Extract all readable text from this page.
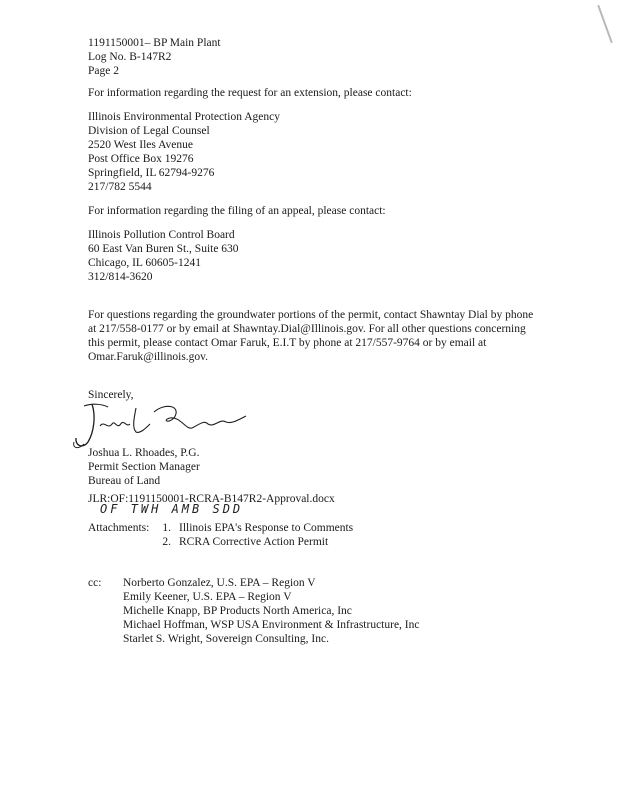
1191150001– BP Main Plant
Log No. B-147R2
Page 2
For information regarding the request for an extension, please contact:
Illinois Environmental Protection Agency
Division of Legal Counsel
2520 West Iles Avenue
Post Office Box 19276
Springfield, IL 62794-9276
217/782 5544
For information regarding the filing of an appeal, please contact:
Illinois Pollution Control Board
60 East Van Buren St., Suite 630
Chicago, IL 60605-1241
312/814-3620
For questions regarding the groundwater portions of the permit, contact Shawntay Dial by phone
at 217/558-0177 or by email at Shawntay.Dial@Illinois.gov. For all other questions concerning
this permit, please contact Omar Faruk, E.I.T by phone at 217/557-9764 or by email at
Omar.Faruk@illinois.gov.
Sincerely,
Joshua L. Rhoades, P.G.
Permit Section Manager
Bureau of Land
JLR:OF:1191150001-RCRA-B147R2-Approval.docx
OF TWH AMB SDD
Attachments:	1. Illinois EPA's Response to Comments
2. RCRA Corrective Action Permit
cc: Norberto Gonzalez, U.S. EPA – Region V
Emily Keener, U.S. EPA – Region V
Michelle Knapp, BP Products North America, Inc
Michael Hoffman, WSP USA Environment & Infrastructure, Inc
Starlet S. Wright, Sovereign Consulting, Inc.
